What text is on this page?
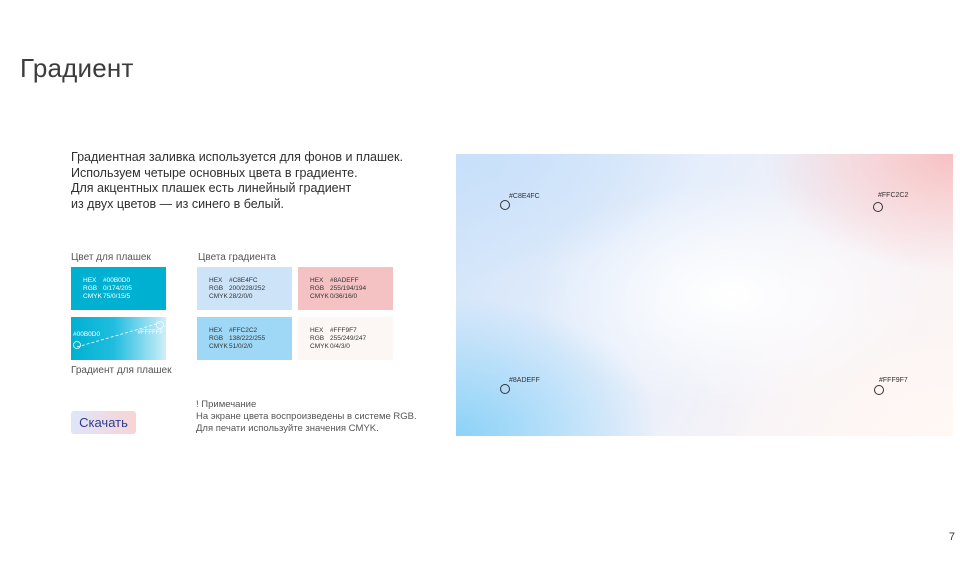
Градиент
Градиентная заливка используется для фонов и плашек.
Используем четыре основных цвета в градиенте.
Для акцентных плашек есть линейный градиент
из двух цветов — из синего в белый.
Цвет для плашек
HEX	#00B0D0
RGB 0/174/205
CMYK 75/0/15/5
Цвета градиента
HEX	#C8E4FC
RGB 200/228/252
CMYK 28/2/0/0
HEX	#8ADEFF
RGB 255/194/194
CMYK 0/36/16/0
HEX	#FFC2C2
RGB 138/222/255
CMYK 51/0/2/0
HEX	#FFF9F7
RGB 255/249/247
CMYK 0/4/3/0
#00B0D0	#FFFFFF
Градиент для плашек
Скачать
! Примечание
На экране цвета воспроизведены в системе RGB.
Для печати используйте значения CMYK.
#C8E4FC	#FFC2C2
#8ADEFF	#FFF9F7
7
